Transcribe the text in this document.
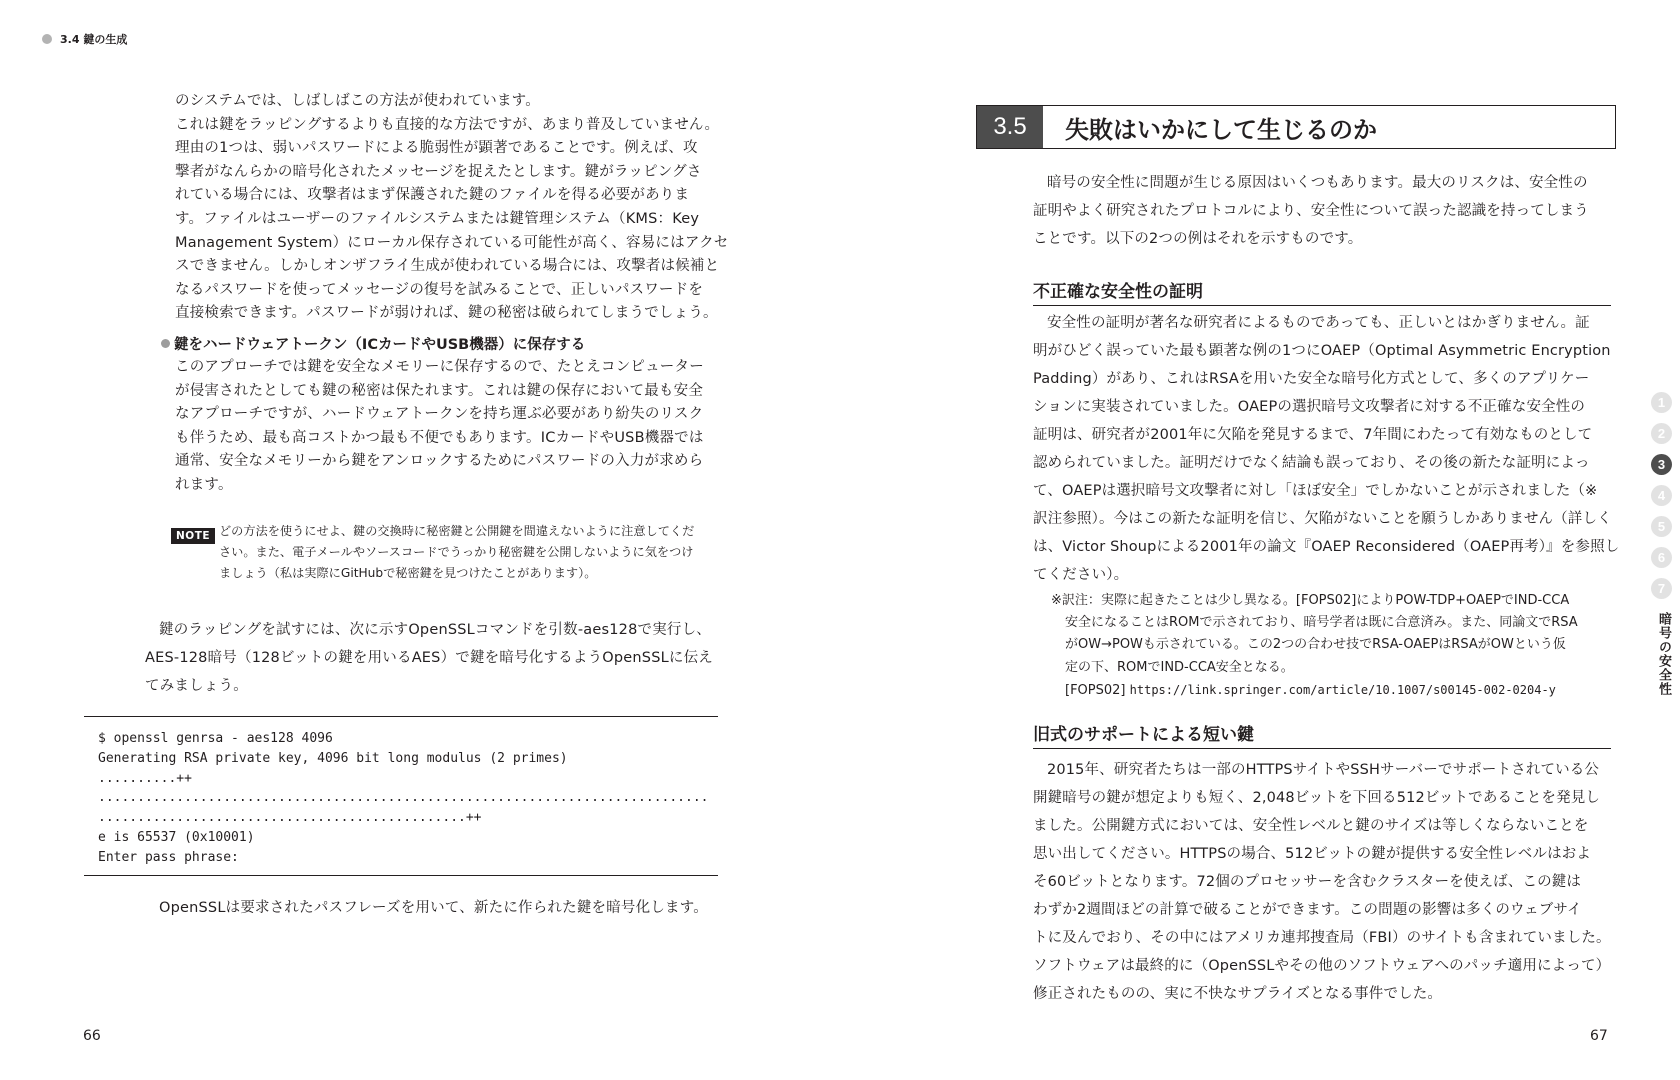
3.4 鍵の生成
のシステムでは、しばしばこの方法が使われています。
これは鍵をラッピングするよりも直接的な方法ですが、あまり普及していません。
理由の1つは、弱いパスワードによる脆弱性が顕著であることです。例えば、攻
撃者がなんらかの暗号化されたメッセージを捉えたとします。鍵がラッピングさ
れている場合には、攻撃者はまず保護された鍵のファイルを得る必要がありま
す。ファイルはユーザーのファイルシステムまたは鍵管理システム（KMS：Key
Management System）にローカル保存されている可能性が高く、容易にはアクセ
スできません。しかしオンザフライ生成が使われている場合には、攻撃者は候補と
なるパスワードを使ってメッセージの復号を試みることで、正しいパスワードを
直接検索できます。パスワードが弱ければ、鍵の秘密は破られてしまうでしょう。
鍵をハードウェアトークン（ICカードやUSB機器）に保存する
このアプローチでは鍵を安全なメモリーに保存するので、たとえコンピューター
が侵害されたとしても鍵の秘密は保たれます。これは鍵の保存において最も安全
なアプローチですが、ハードウェアトークンを持ち運ぶ必要があり紛失のリスク
も伴うため、最も高コストかつ最も不便でもあります。ICカードやUSB機器では
通常、安全なメモリーから鍵をアンロックするためにパスワードの入力が求めら
れます。
NOTE どの方法を使うにせよ、鍵の交換時に秘密鍵と公開鍵を間違えないように注意してくだ
さい。また、電子メールやソースコードでうっかり秘密鍵を公開しないように気をつけ
ましょう（私は実際にGitHubで秘密鍵を見つけたことがあります）。
鍵のラッピングを試すには、次に示すOpenSSLコマンドを引数-aes128で実行し、
AES-128暗号（128ビットの鍵を用いるAES）で鍵を暗号化するようOpenSSLに伝え
てみましょう。
$ openssl genrsa - aes128 4096
Generating RSA private key, 4096 bit long modulus (2 primes)
..........++
..............................................................................
...............................................++
e is 65537 (0x10001)
Enter pass phrase:
OpenSSLは要求されたパスフレーズを用いて、新たに作られた鍵を暗号化します。
66
3.5	失敗はいかにして生じるのか
暗号の安全性に問題が生じる原因はいくつもあります。最大のリスクは、安全性の
証明やよく研究されたプロトコルにより、安全性について誤った認識を持ってしまう
ことです。以下の2つの例はそれを示すものです。
不正確な安全性の証明
安全性の証明が著名な研究者によるものであっても、正しいとはかぎりません。証
明がひどく誤っていた最も顕著な例の1つにOAEP（Optimal Asymmetric Encryption
Padding）があり、これはRSAを用いた安全な暗号化方式として、多くのアプリケー
ションに実装されていました。OAEPの選択暗号文攻撃者に対する不正確な安全性の
証明は、研究者が2001年に欠陥を発見するまで、7年間にわたって有効なものとして
認められていました。証明だけでなく結論も誤っており、その後の新たな証明によっ
て、OAEPは選択暗号文攻撃者に対し「ほぼ安全」でしかないことが示されました（※
訳注参照）。今はこの新たな証明を信じ、欠陥がないことを願うしかありません（詳しく
は、Victor Shoupによる2001年の論文『OAEP Reconsidered（OAEP再考）』を参照し
てください）。
※訳注：実際に起きたことは少し異なる。[FOPS02]によりPOW-TDP+OAEPでIND-CCA
安全になることはROMで示されており、暗号学者は既に合意済み。また、同論文でRSA
がOW→POWも示されている。この2つの合わせ技でRSA-OAEPはRSAがOWという仮
定の下、ROMでIND-CCA安全となる。
[FOPS02] https://link.springer.com/article/10.1007/s00145-002-0204-y
旧式のサポートによる短い鍵
2015年、研究者たちは一部のHTTPSサイトやSSHサーバーでサポートされている公
開鍵暗号の鍵が想定よりも短く、2,048ビットを下回る512ビットであることを発見し
ました。公開鍵方式においては、安全性レベルと鍵のサイズは等しくならないことを
思い出してください。HTTPSの場合、512ビットの鍵が提供する安全性レベルはおよ
そ60ビットとなります。72個のプロセッサーを含むクラスターを使えば、この鍵は
わずか2週間ほどの計算で破ることができます。この問題の影響は多くのウェブサイ
トに及んでおり、その中にはアメリカ連邦捜査局（FBI）のサイトも含まれていました。
ソフトウェアは最終的に（OpenSSLやその他のソフトウェアへのパッチ適用によって）
修正されたものの、実に不快なサプライズとなる事件でした。
67
1
2
3
4
5
6
7
暗号の安全性
